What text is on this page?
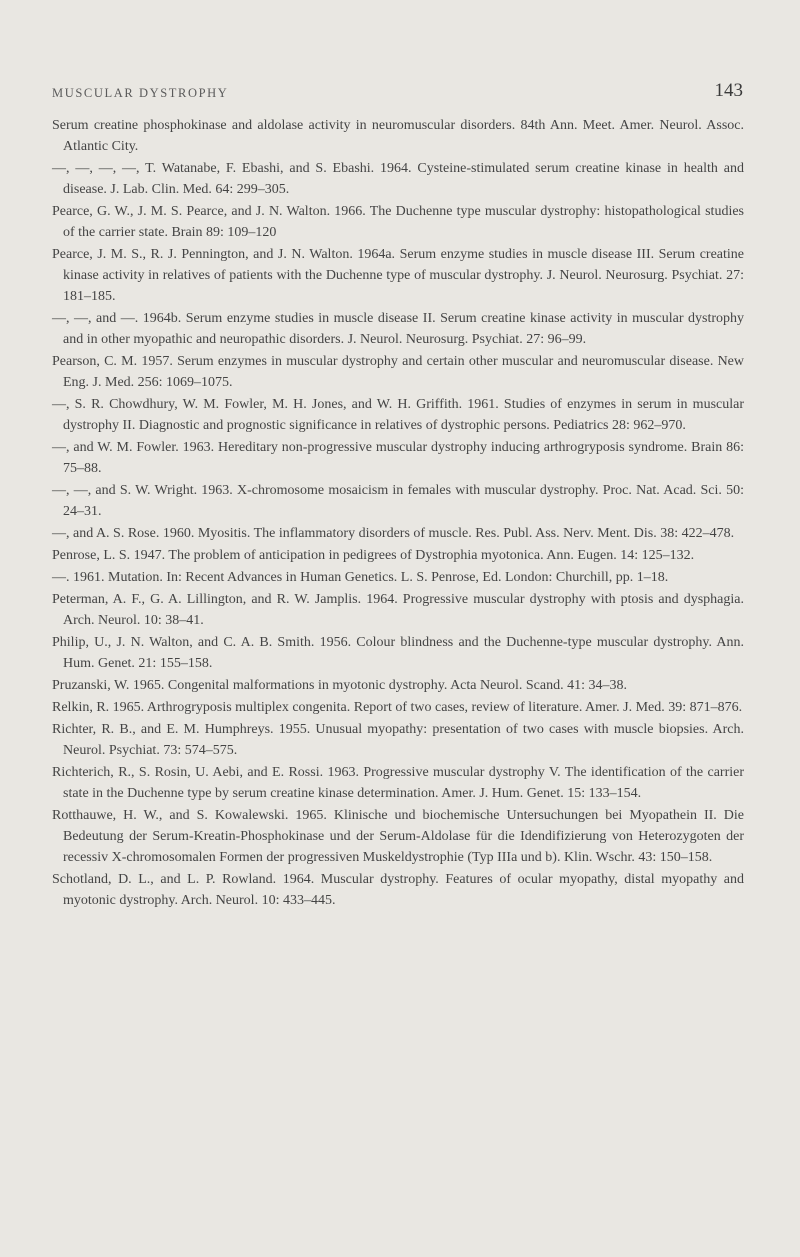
MUSCULAR DYSTROPHY	143

Serum creatine phosphokinase and aldolase activity in neuromuscular disorders. 84th Ann. Meet. Amer. Neurol. Assoc. Atlantic City.

—, —, —, —, T. Watanabe, F. Ebashi, and S. Ebashi. 1964. Cysteine-stimulated serum creatine kinase in health and disease. J. Lab. Clin. Med. 64: 299–305.

Pearce, G. W., J. M. S. Pearce, and J. N. Walton. 1966. The Duchenne type muscular dystrophy: histopathological studies of the carrier state. Brain 89: 109–120

Pearce, J. M. S., R. J. Pennington, and J. N. Walton. 1964a. Serum enzyme studies in muscle disease III. Serum creatine kinase activity in relatives of patients with the Duchenne type of muscular dystrophy. J. Neurol. Neurosurg. Psychiat. 27: 181–185.

—, —, and —. 1964b. Serum enzyme studies in muscle disease II. Serum creatine kinase activity in muscular dystrophy and in other myopathic and neuropathic disorders. J. Neurol. Neurosurg. Psychiat. 27: 96–99.

Pearson, C. M. 1957. Serum enzymes in muscular dystrophy and certain other muscular and neuromuscular disease. New Eng. J. Med. 256: 1069–1075.

—, S. R. Chowdhury, W. M. Fowler, M. H. Jones, and W. H. Griffith. 1961. Studies of enzymes in serum in muscular dystrophy II. Diagnostic and prognostic significance in relatives of dystrophic persons. Pediatrics 28: 962–970.

—, and W. M. Fowler. 1963. Hereditary non-progressive muscular dystrophy inducing arthrogryposis syndrome. Brain 86: 75–88.

—, —, and S. W. Wright. 1963. X-chromosome mosaicism in females with muscular dystrophy. Proc. Nat. Acad. Sci. 50: 24–31.

—, and A. S. Rose. 1960. Myositis. The inflammatory disorders of muscle. Res. Publ. Ass. Nerv. Ment. Dis. 38: 422–478.

Penrose, L. S. 1947. The problem of anticipation in pedigrees of Dystrophia myotonica. Ann. Eugen. 14: 125–132.

—. 1961. Mutation. In: Recent Advances in Human Genetics. L. S. Penrose, Ed. London: Churchill, pp. 1–18.

Peterman, A. F., G. A. Lillington, and R. W. Jamplis. 1964. Progressive muscular dystrophy with ptosis and dysphagia. Arch. Neurol. 10: 38–41.

Philip, U., J. N. Walton, and C. A. B. Smith. 1956. Colour blindness and the Duchenne-type muscular dystrophy. Ann. Hum. Genet. 21: 155–158.

Pruzanski, W. 1965. Congenital malformations in myotonic dystrophy. Acta Neurol. Scand. 41: 34–38.

Relkin, R. 1965. Arthrogryposis multiplex congenita. Report of two cases, review of literature. Amer. J. Med. 39: 871–876.

Richter, R. B., and E. M. Humphreys. 1955. Unusual myopathy: presentation of two cases with muscle biopsies. Arch. Neurol. Psychiat. 73: 574–575.

Richterich, R., S. Rosin, U. Aebi, and E. Rossi. 1963. Progressive muscular dystrophy V. The identification of the carrier state in the Duchenne type by serum creatine kinase determination. Amer. J. Hum. Genet. 15: 133–154.

Rotthauwe, H. W., and S. Kowalewski. 1965. Klinische und biochemische Untersuchungen bei Myopathein II. Die Bedeutung der Serum-Kreatin-Phosphokinase und der Serum-Aldolase für die Idendifizierung von Heterozygoten der recessiv X-chromosomalen Formen der progressiven Muskeldystrophie (Typ IIIa und b). Klin. Wschr. 43: 150–158.

Schotland, D. L., and L. P. Rowland. 1964. Muscular dystrophy. Features of ocular myopathy, distal myopathy and myotonic dystrophy. Arch. Neurol. 10: 433–445.
